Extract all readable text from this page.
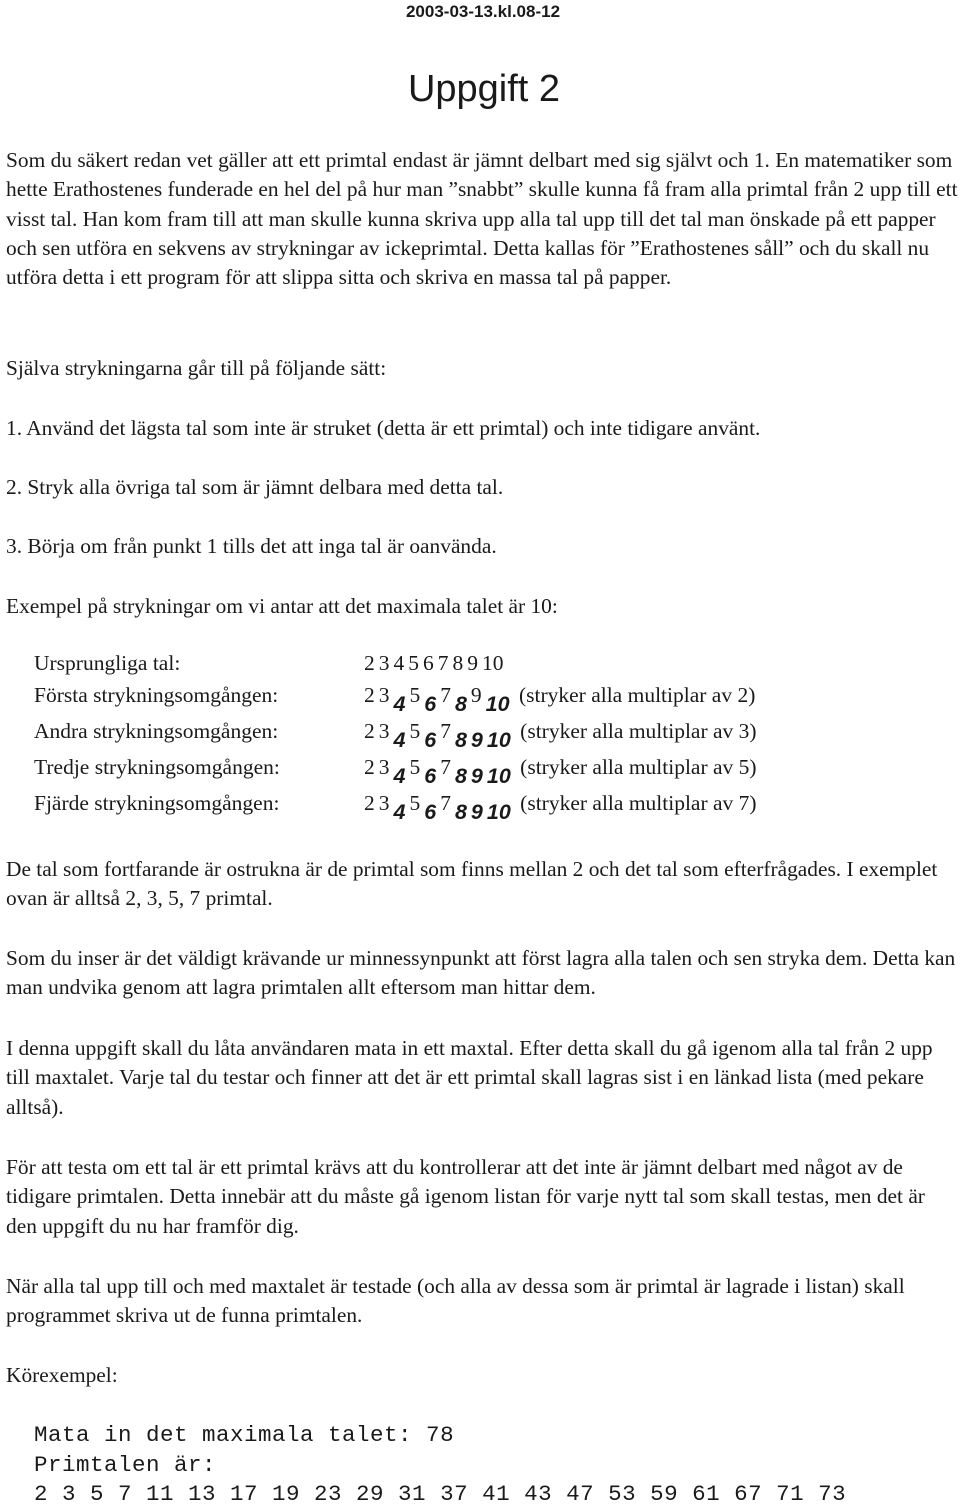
2003-03-13.kl.08-12
Uppgift 2

Som du säkert redan vet gäller att ett primtal endast är jämnt delbart med sig självt och 1. En matematiker som hette Erathostenes funderade en hel del på hur man ”snabbt” skulle kunna få fram alla primtal från 2 upp till ett visst tal. Han kom fram till att man skulle kunna skriva upp alla tal upp till det tal man önskade på ett papper och sen utföra en sekvens av strykningar av ickeprimtal. Detta kallas för ”Erathostenes såll” och du skall nu utföra detta i ett program för att slippa sitta och skriva en massa tal på papper.

Själva strykningarna går till på följande sätt:

1. Använd det lägsta tal som inte är struket (detta är ett primtal) och inte tidigare använt.

2. Stryk alla övriga tal som är jämnt delbara med detta tal.

3. Börja om från punkt 1 tills det att inga tal är oanvända.

Exempel på strykningar om vi antar att det maximala talet är 10:

Ursprungliga tal:	2 3 4 5 6 7 8 9 10
Första strykningsomgången:	2 3 4 5 6 7 8 9 10 (stryker alla multiplar av 2)
Andra strykningsomgången:	2 3 4 5 6 7 8 9 10 (stryker alla multiplar av 3)
Tredje strykningsomgången:	2 3 4 5 6 7 8 9 10 (stryker alla multiplar av 5)
Fjärde strykningsomgången:	2 3 4 5 6 7 8 9 10 (stryker alla multiplar av 7)

De tal som fortfarande är ostrukna är de primtal som finns mellan 2 och det tal som efterfrågades. I exemplet ovan är alltså 2, 3, 5, 7 primtal.

Som du inser är det väldigt krävande ur minnessynpunkt att först lagra alla talen och sen stryka dem. Detta kan man undvika genom att lagra primtalen allt eftersom man hittar dem.

I denna uppgift skall du låta användaren mata in ett maxtal. Efter detta skall du gå igenom alla tal från 2 upp till maxtalet. Varje tal du testar och finner att det är ett primtal skall lagras sist i en länkad lista (med pekare alltså).

För att testa om ett tal är ett primtal krävs att du kontrollerar att det inte är jämnt delbart med något av de tidigare primtalen. Detta innebär att du måste gå igenom listan för varje nytt tal som skall testas, men det är den uppgift du nu har framför dig.

När alla tal upp till och med maxtalet är testade (och alla av dessa som är primtal är lagrade i listan) skall programmet skriva ut de funna primtalen.

Körexempel:

Mata in det maximala talet: 78
Primtalen är:
2 3 5 7 11 13 17 19 23 29 31 37 41 43 47 53 59 61 67 71 73
